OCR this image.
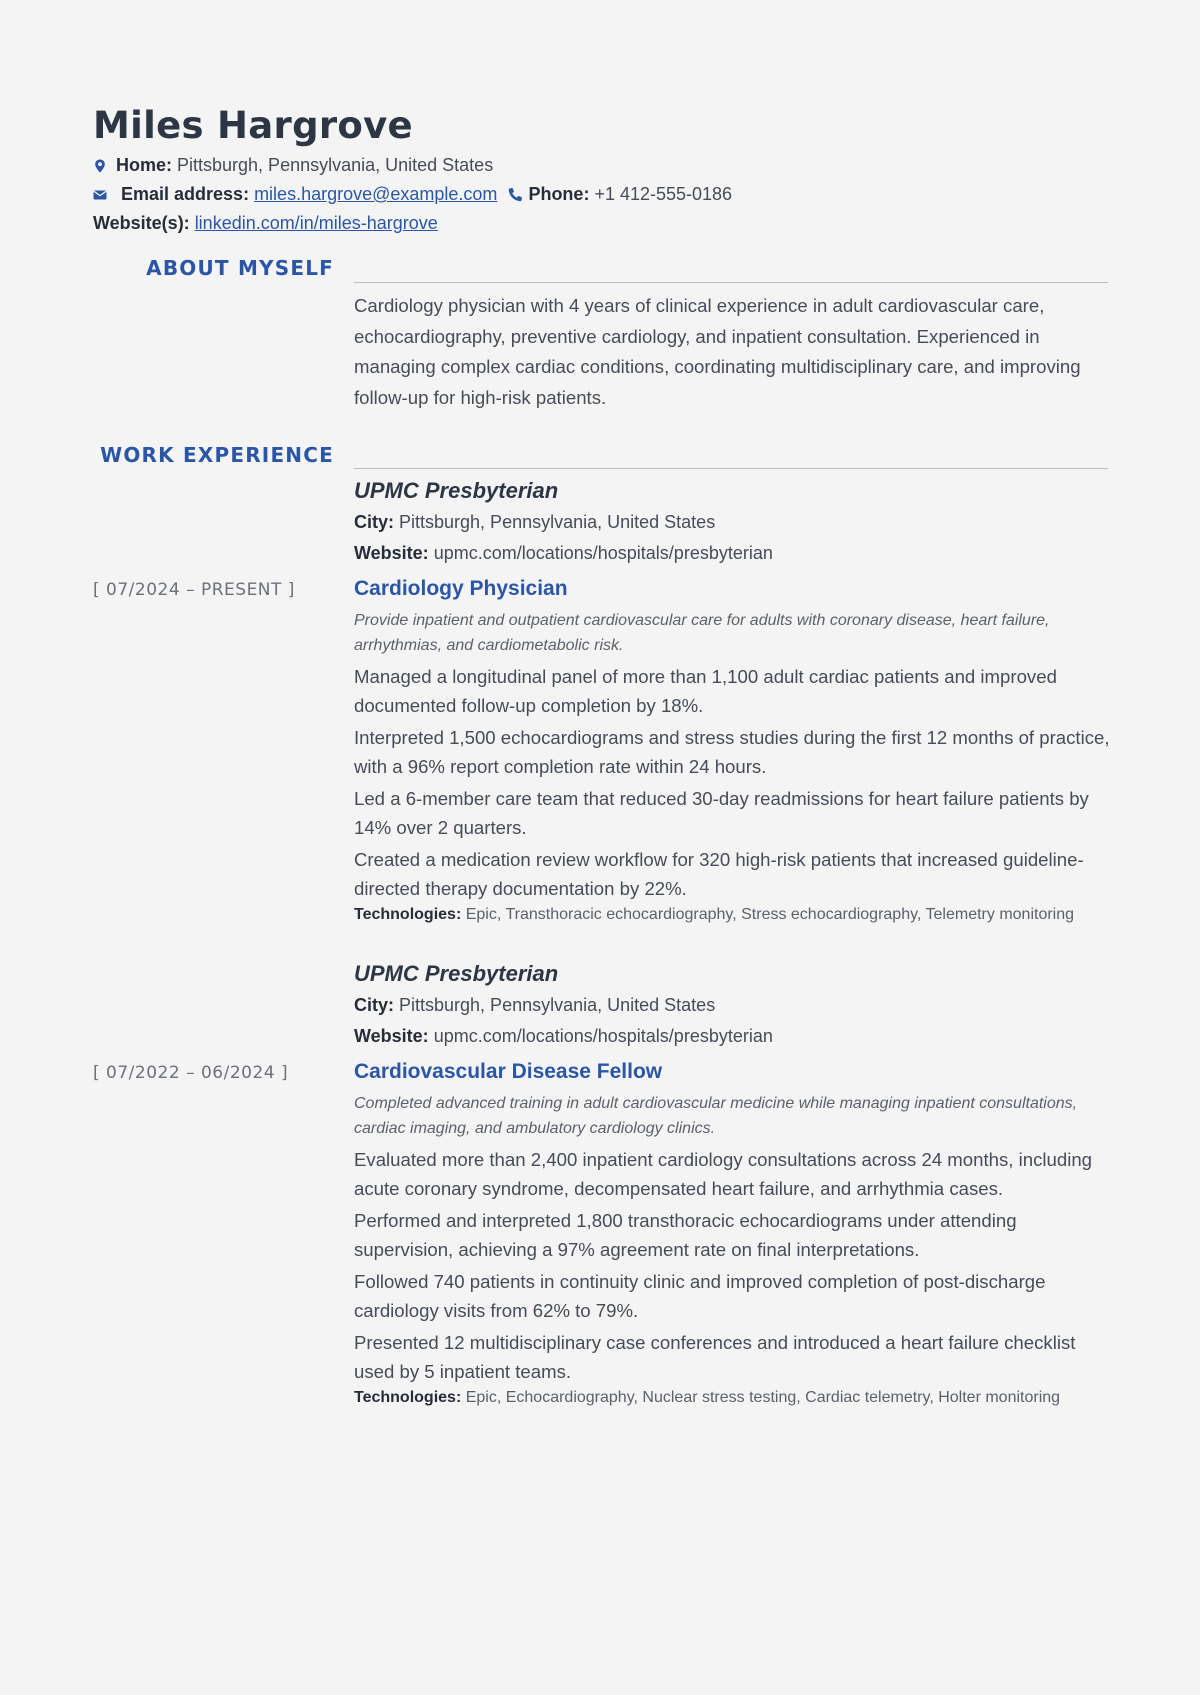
Miles Hargrove
Home: Pittsburgh, Pennsylvania, United States
Email address: miles.hargrove@example.com Phone: +1 412-555-0186
Website(s): linkedin.com/in/miles-hargrove
ABOUT MYSELF
Cardiology physician with 4 years of clinical experience in adult cardiovascular care, echocardiography, preventive cardiology, and inpatient consultation. Experienced in managing complex cardiac conditions, coordinating multidisciplinary care, and improving follow-up for high-risk patients.
WORK EXPERIENCE
[ 07/2024 – PRESENT ]
UPMC Presbyterian
City: Pittsburgh, Pennsylvania, United States
Website: upmc.com/locations/hospitals/presbyterian
Cardiology Physician
Provide inpatient and outpatient cardiovascular care for adults with coronary disease, heart failure, arrhythmias, and cardiometabolic risk.
Managed a longitudinal panel of more than 1,100 adult cardiac patients and improved documented follow-up completion by 18%.
Interpreted 1,500 echocardiograms and stress studies during the first 12 months of practice, with a 96% report completion rate within 24 hours.
Led a 6-member care team that reduced 30-day readmissions for heart failure patients by 14% over 2 quarters.
Created a medication review workflow for 320 high-risk patients that increased guideline-directed therapy documentation by 22%.
Technologies: Epic, Transthoracic echocardiography, Stress echocardiography, Telemetry monitoring
[ 07/2022 – 06/2024 ]
UPMC Presbyterian
City: Pittsburgh, Pennsylvania, United States
Website: upmc.com/locations/hospitals/presbyterian
Cardiovascular Disease Fellow
Completed advanced training in adult cardiovascular medicine while managing inpatient consultations, cardiac imaging, and ambulatory cardiology clinics.
Evaluated more than 2,400 inpatient cardiology consultations across 24 months, including acute coronary syndrome, decompensated heart failure, and arrhythmia cases.
Performed and interpreted 1,800 transthoracic echocardiograms under attending supervision, achieving a 97% agreement rate on final interpretations.
Followed 740 patients in continuity clinic and improved completion of post-discharge cardiology visits from 62% to 79%.
Presented 12 multidisciplinary case conferences and introduced a heart failure checklist used by 5 inpatient teams.
Technologies: Epic, Echocardiography, Nuclear stress testing, Cardiac telemetry, Holter monitoring
